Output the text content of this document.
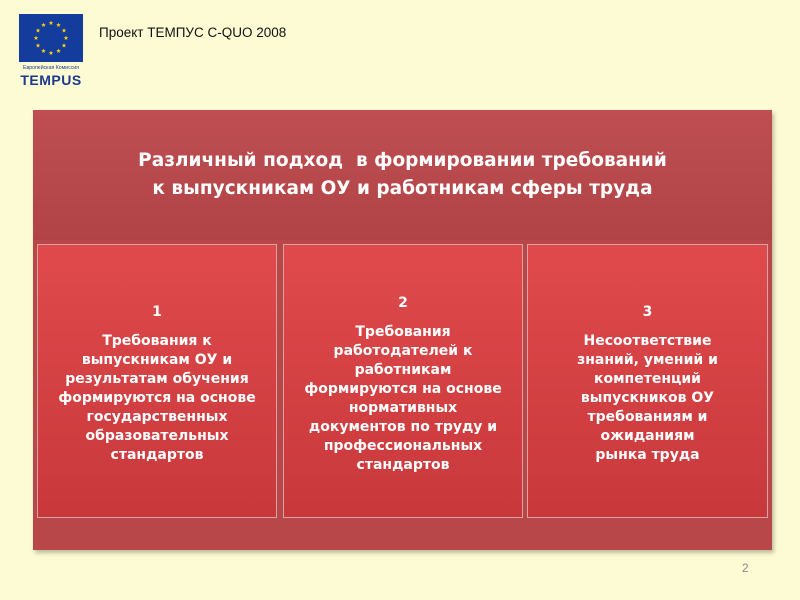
Европейская Комиссия
TEMPUS
Проект ТЕМПУС C-QUO 2008
Различный подход  в формировании требований
к выпускникам ОУ и работникам сферы труда
1
Требования к
выпускникам ОУ и
результатам обучения
формируются на основе
государственных
образовательных
стандартов
2
Требования
работодателей к
работникам
формируются на основе
нормативных
документов по труду и
профессиональных
стандартов
3
Несоответствие
знаний, умений и
компетенций
выпускников ОУ
требованиям и
ожиданиям
рынка труда
2
